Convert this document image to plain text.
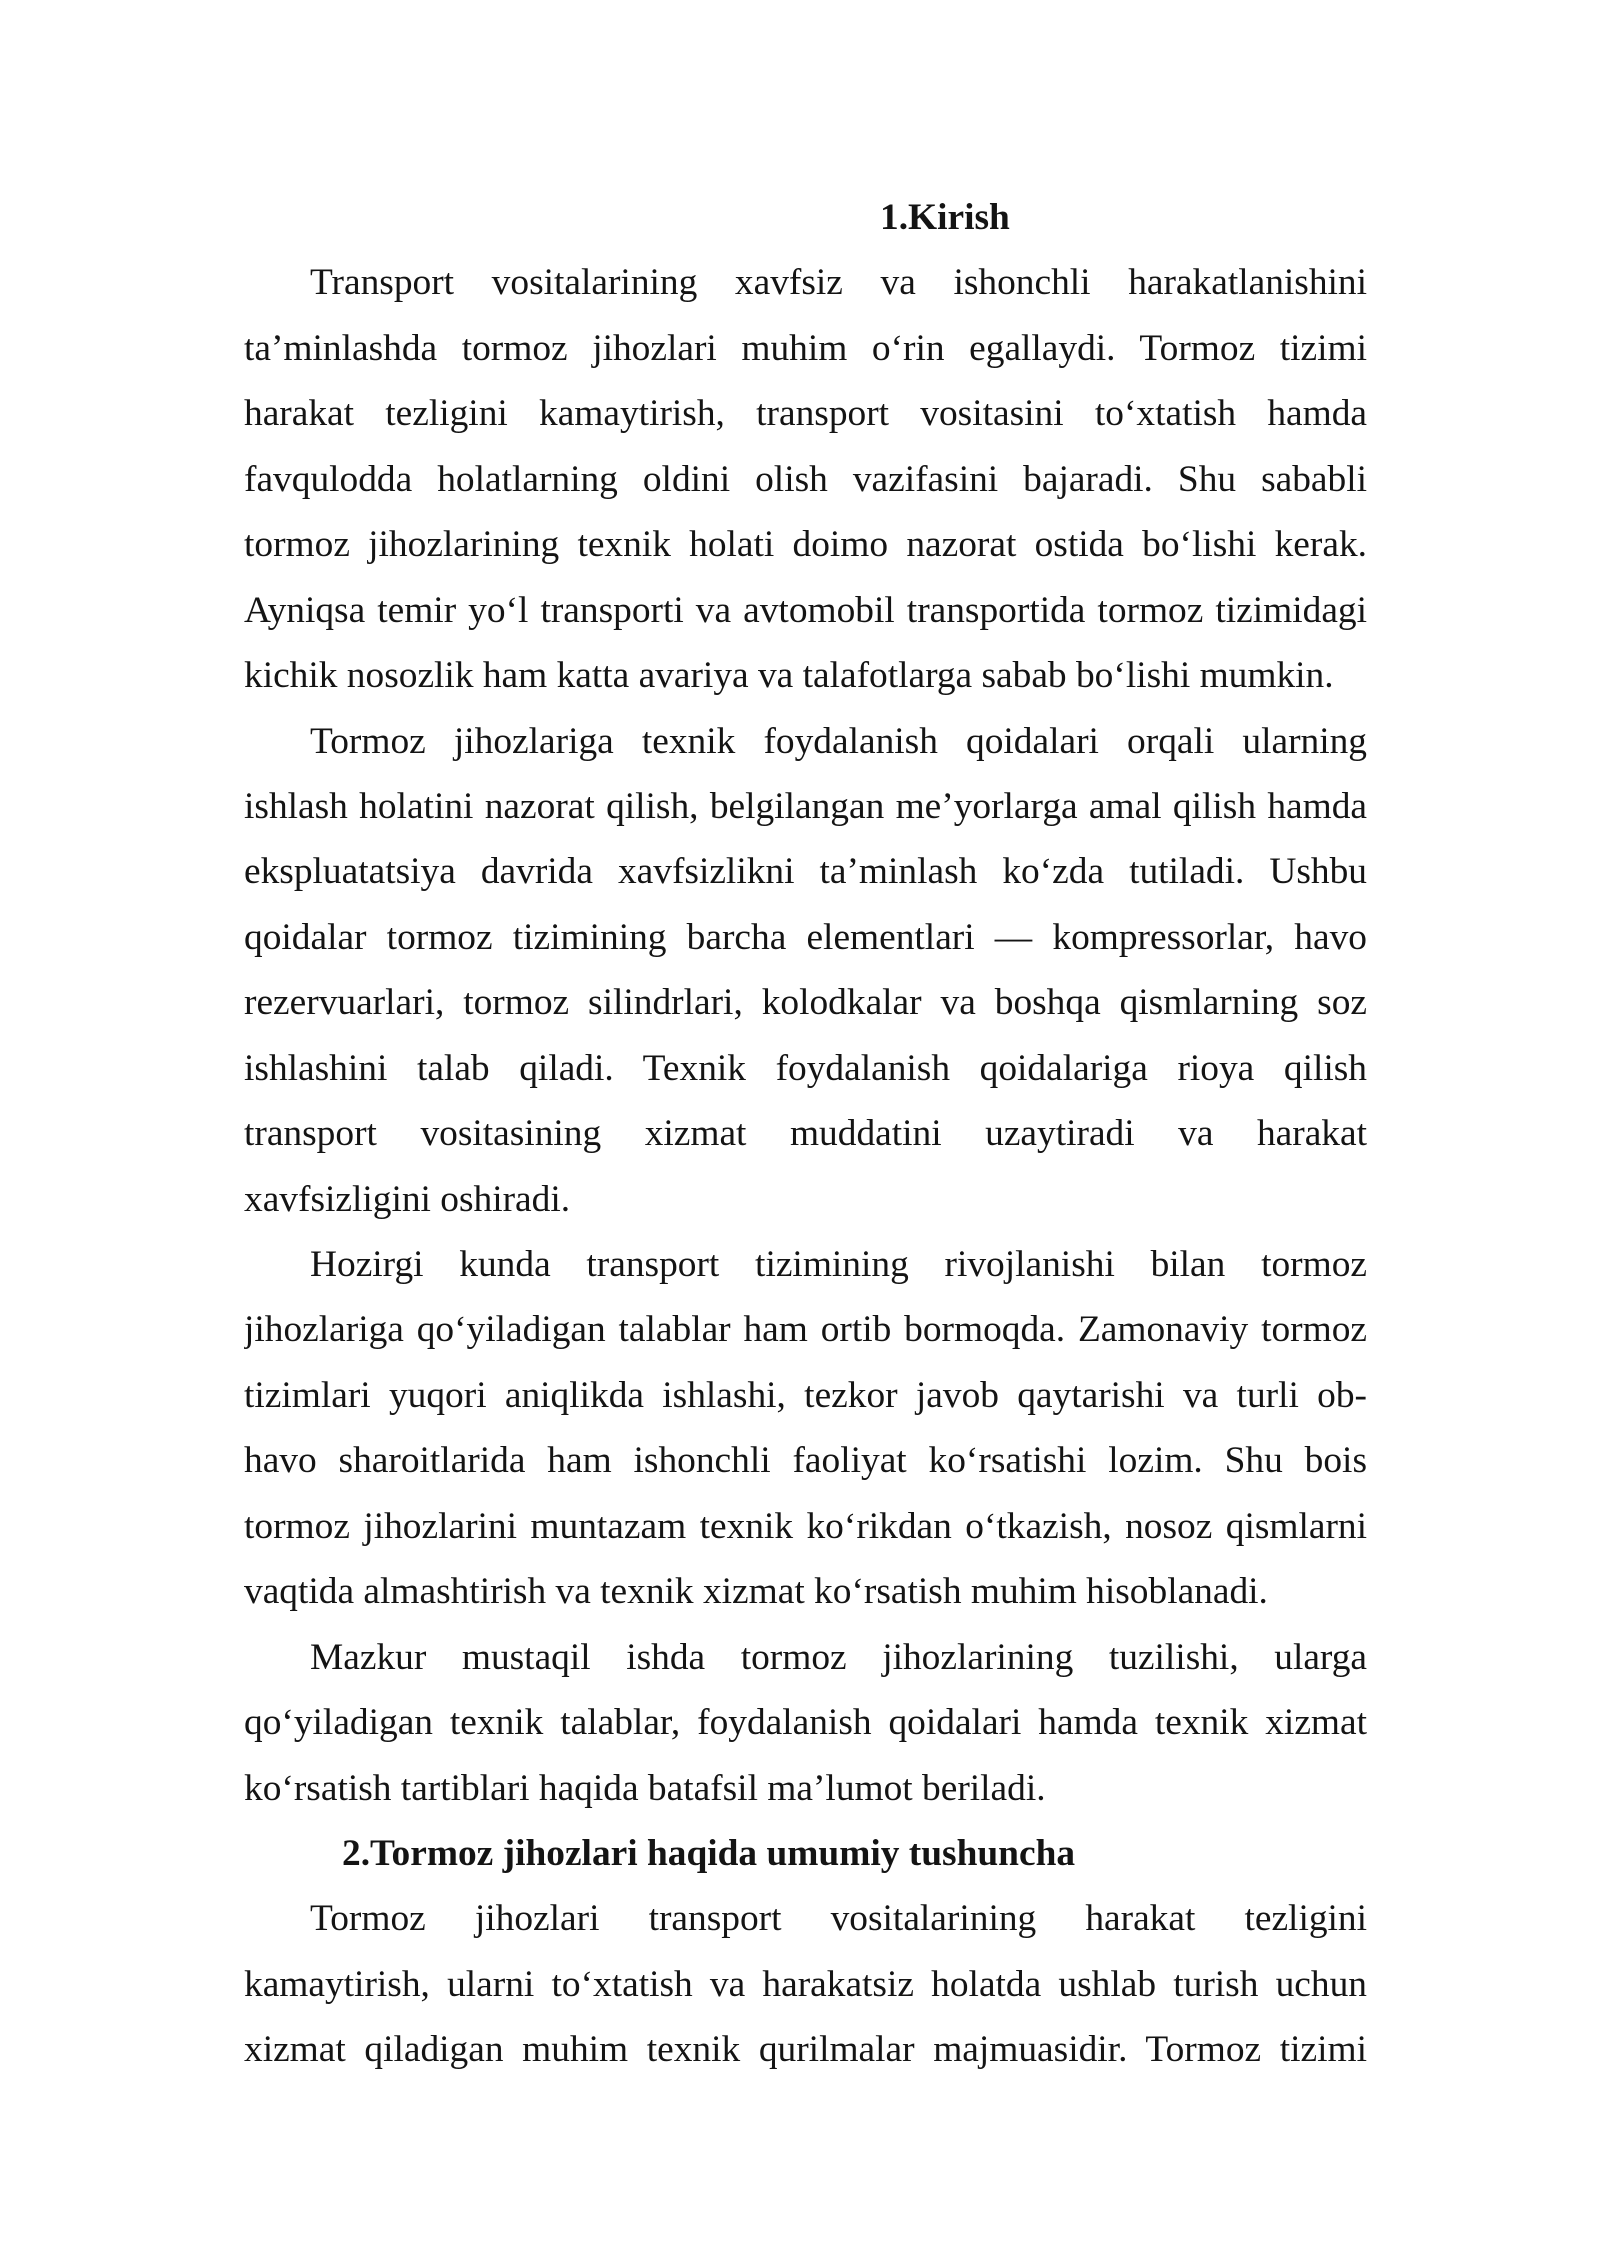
1.Kirish
Transport vositalarining xavfsiz va ishonchli harakatlanishini
ta’minlashda tormoz jihozlari muhim o‘rin egallaydi. Tormoz tizimi
harakat tezligini kamaytirish, transport vositasini to‘xtatish hamda
favqulodda holatlarning oldini olish vazifasini bajaradi. Shu sababli
tormoz jihozlarining texnik holati doimo nazorat ostida bo‘lishi kerak.
Ayniqsa temir yo‘l transporti va avtomobil transportida tormoz tizimidagi
kichik nosozlik ham katta avariya va talafotlarga sabab bo‘lishi mumkin.
Tormoz jihozlariga texnik foydalanish qoidalari orqali ularning
ishlash holatini nazorat qilish, belgilangan me’yorlarga amal qilish hamda
ekspluatatsiya davrida xavfsizlikni ta’minlash ko‘zda tutiladi. Ushbu
qoidalar tormoz tizimining barcha elementlari — kompressorlar, havo
rezervuarlari, tormoz silindrlari, kolodkalar va boshqa qismlarning soz
ishlashini talab qiladi. Texnik foydalanish qoidalariga rioya qilish
transport vositasining xizmat muddatini uzaytiradi va harakat
xavfsizligini oshiradi.
Hozirgi kunda transport tizimining rivojlanishi bilan tormoz
jihozlariga qo‘yiladigan talablar ham ortib bormoqda. Zamonaviy tormoz
tizimlari yuqori aniqlikda ishlashi, tezkor javob qaytarishi va turli ob-
havo sharoitlarida ham ishonchli faoliyat ko‘rsatishi lozim. Shu bois
tormoz jihozlarini muntazam texnik ko‘rikdan o‘tkazish, nosoz qismlarni
vaqtida almashtirish va texnik xizmat ko‘rsatish muhim hisoblanadi.
Mazkur mustaqil ishda tormoz jihozlarining tuzilishi, ularga
qo‘yiladigan texnik talablar, foydalanish qoidalari hamda texnik xizmat
ko‘rsatish tartiblari haqida batafsil ma’lumot beriladi.
2.Tormoz jihozlari haqida umumiy tushuncha
Tormoz jihozlari transport vositalarining harakat tezligini
kamaytirish, ularni to‘xtatish va harakatsiz holatda ushlab turish uchun
xizmat qiladigan muhim texnik qurilmalar majmuasidir. Tormoz tizimi
